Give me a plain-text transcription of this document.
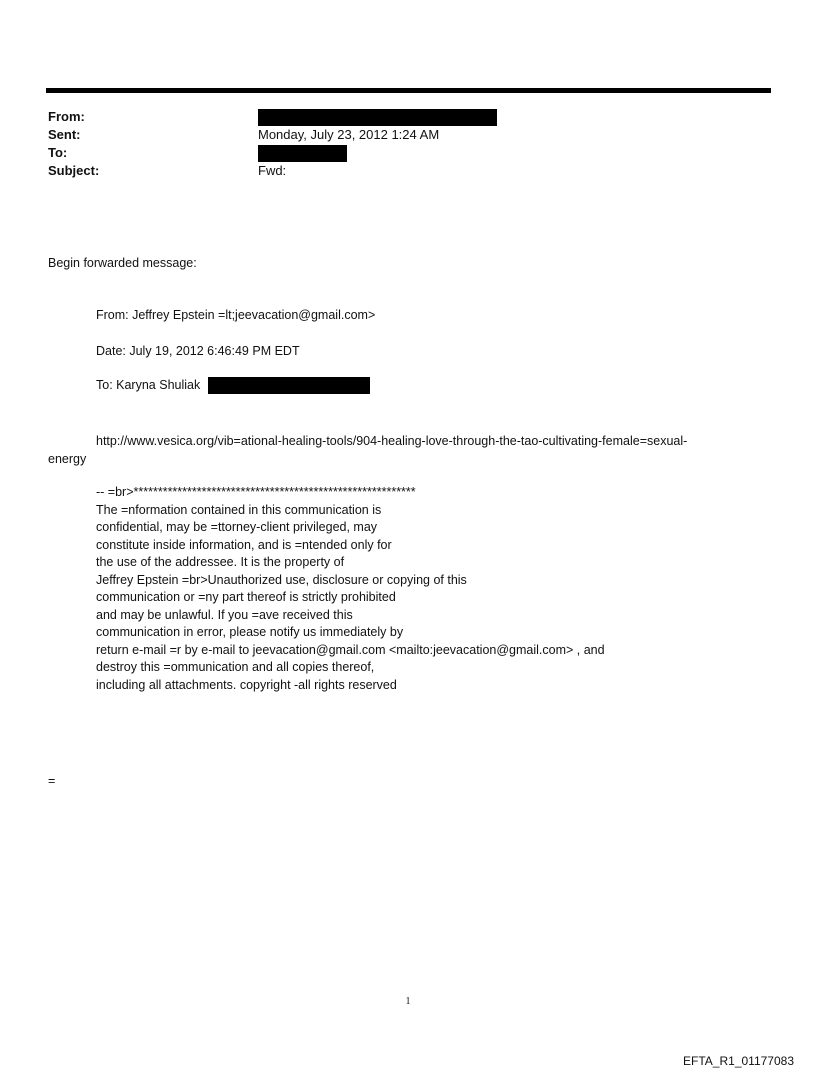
From:
Sent:	Monday, July 23, 2012 1:24 AM
To:
Subject:	Fwd:
Begin forwarded message:
From: Jeffrey Epstein =lt;jeevacation@gmail.com>
Date: July 19, 2012 6:46:49 PM EDT
To: Karyna Shuliak
http://www.vesica.org/vib=ational-healing-tools/904-healing-love-through-the-tao-cultivating-female=sexual-
energy
-- =br>**********************************************************
The =nformation contained in this communication is
confidential, may be =ttorney-client privileged, may
constitute inside information, and is =ntended only for
the use of the addressee. It is the property of
Jeffrey Epstein =br>Unauthorized use, disclosure or copying of this
communication or =ny part thereof is strictly prohibited
and may be unlawful. If you =ave received this
communication in error, please notify us immediately by
return e-mail =r by e-mail to jeevacation@gmail.com <mailto:jeevacation@gmail.com> , and
destroy this =ommunication and all copies thereof,
including all attachments. copyright -all rights reserved
=
1
EFTA_R1_01177083
